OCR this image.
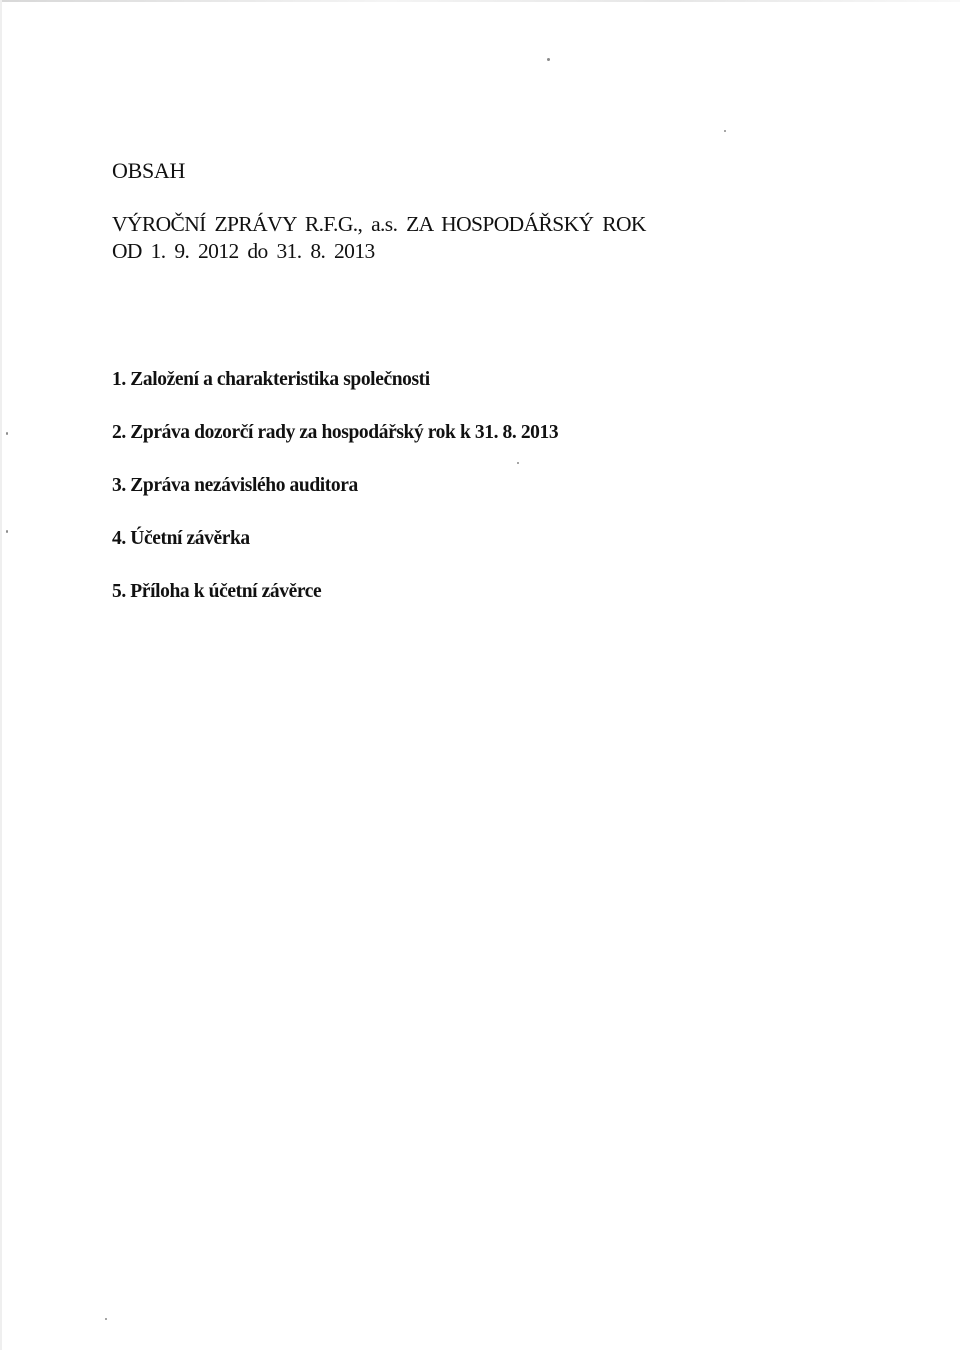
OBSAH
VÝROČNÍ ZPRÁVY R.F.G., a.s. ZA HOSPODÁŘSKÝ ROK
OD 1. 9. 2012 do 31. 8. 2013
1. Založení a charakteristika společnosti
2. Zpráva dozorčí rady za hospodářský rok k 31. 8. 2013
3. Zpráva nezávislého auditora
4. Účetní závěrka
5. Příloha k účetní závěrce
